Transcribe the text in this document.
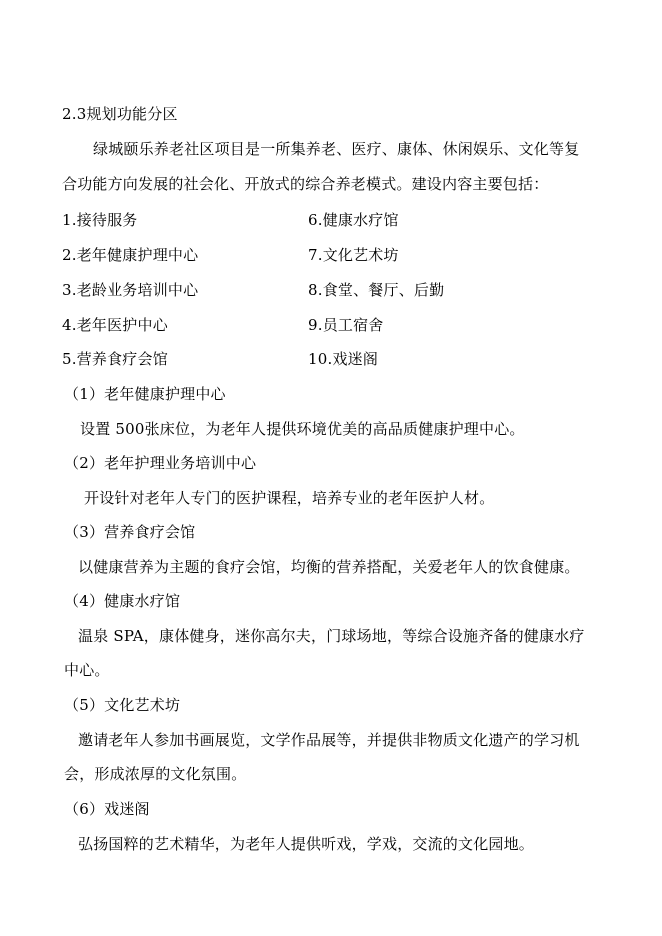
2.3规划功能分区
绿城颐乐养老社区项目是一所集养老、医疗、康体、休闲娱乐、文化等复
合功能方向发展的社会化、开放式的综合养老模式。建设内容主要包括：
1.接待服务	6.健康水疗馆
2.老年健康护理中心	7.文化艺术坊
3.老龄业务培训中心	8.食堂、餐厅、后勤
4.老年医护中心	9.员工宿舍
5.营养食疗会馆	10.戏迷阁
（1）老年健康护理中心
设置 500张床位，为老年人提供环境优美的高品质健康护理中心。
（2）老年护理业务培训中心
开设针对老年人专门的医护课程，培养专业的老年医护人材。
（3）营养食疗会馆
以健康营养为主题的食疗会馆，均衡的营养搭配，关爱老年人的饮食健康。
（4）健康水疗馆
温泉 SPA，康体健身，迷你高尔夫，门球场地，等综合设施齐备的健康水疗
中心。
（5）文化艺术坊
邀请老年人参加书画展览，文学作品展等，并提供非物质文化遗产的学习机
会，形成浓厚的文化氛围。
（6）戏迷阁
弘扬国粹的艺术精华，为老年人提供听戏，学戏，交流的文化园地。
